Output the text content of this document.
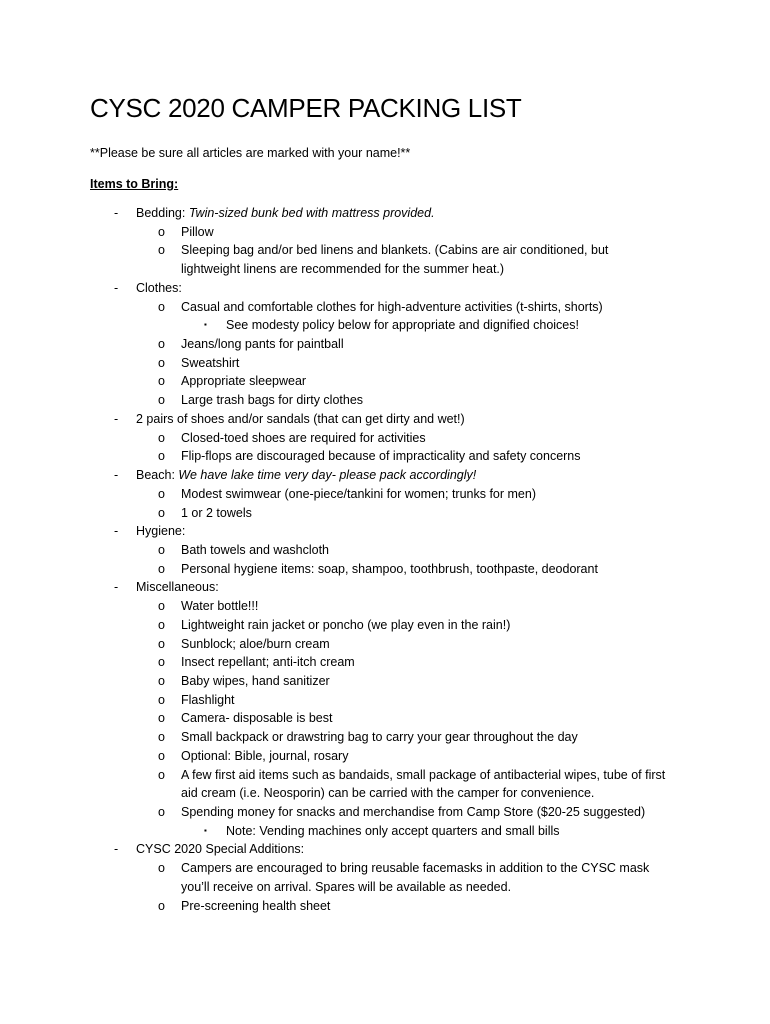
CYSC 2020 CAMPER PACKING LIST

**Please be sure all articles are marked with your name!**

Items to Bring:

- Bedding: Twin-sized bunk bed with mattress provided.
o Pillow
o Sleeping bag and/or bed linens and blankets. (Cabins are air conditioned, but
lightweight linens are recommended for the summer heat.)
- Clothes:
o Casual and comfortable clothes for high-adventure activities (t-shirts, shorts)
▪ See modesty policy below for appropriate and dignified choices!
o Jeans/long pants for paintball
o Sweatshirt
o Appropriate sleepwear
o Large trash bags for dirty clothes
- 2 pairs of shoes and/or sandals (that can get dirty and wet!)
o Closed-toed shoes are required for activities
o Flip-flops are discouraged because of impracticality and safety concerns
- Beach: We have lake time very day- please pack accordingly!
o Modest swimwear (one-piece/tankini for women; trunks for men)
o 1 or 2 towels
- Hygiene:
o Bath towels and washcloth
o Personal hygiene items: soap, shampoo, toothbrush, toothpaste, deodorant
- Miscellaneous:
o Water bottle!!!
o Lightweight rain jacket or poncho (we play even in the rain!)
o Sunblock; aloe/burn cream
o Insect repellant; anti-itch cream
o Baby wipes, hand sanitizer
o Flashlight
o Camera- disposable is best
o Small backpack or drawstring bag to carry your gear throughout the day
o Optional: Bible, journal, rosary
o A few first aid items such as bandaids, small package of antibacterial wipes, tube of first
aid cream (i.e. Neosporin) can be carried with the camper for convenience.
o Spending money for snacks and merchandise from Camp Store ($20-25 suggested)
▪ Note: Vending machines only accept quarters and small bills
- CYSC 2020 Special Additions:
o Campers are encouraged to bring reusable facemasks in addition to the CYSC mask
you’ll receive on arrival. Spares will be available as needed.
o Pre-screening health sheet
